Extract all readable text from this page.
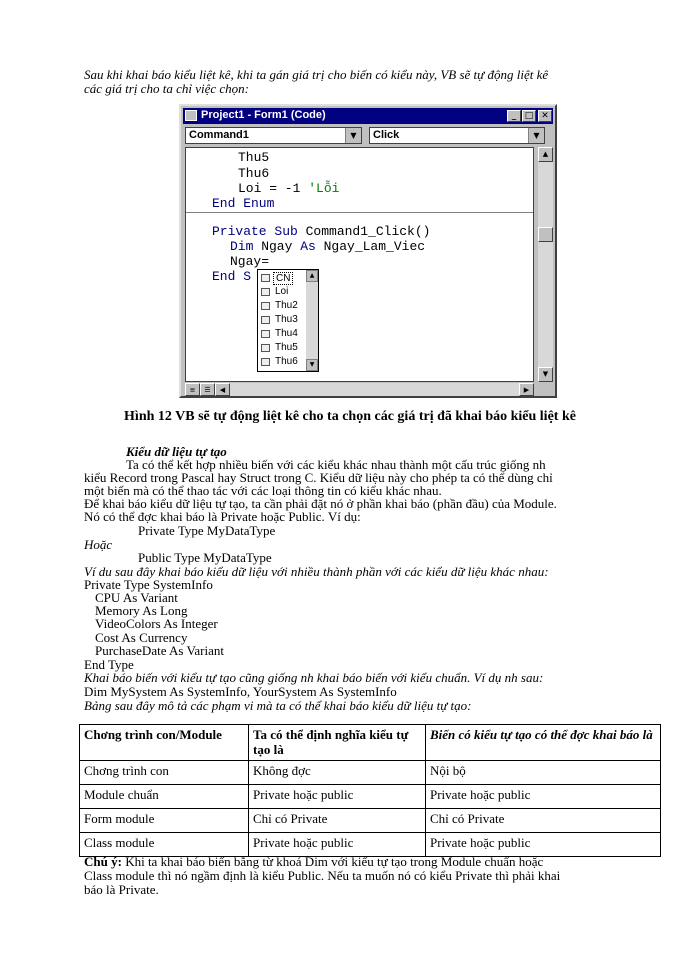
Sau khi khai báo kiểu liệt kê, khi ta gán giá trị cho biến có kiểu này, VB sẽ tự động liệt kê
các giá trị cho ta chỉ việc chọn:
Project1 - Form1 (Code)	_ □ ✕
Command1	▼	Click	▼
Thu5
Thu6
Loi = -1 'Lỗi
End Enum
Private Sub Command1_Click()
Dim Ngay As Ngay_Lam_Viec
Ngay=
End S	CN
Loi
Thu2
Thu3
Thu4
Thu5
Thu6
▲
▼
▲
▼
≡	☰	◀	▶
Hình 12 VB sẽ tự động liệt kê cho ta chọn các giá trị đã khai báo kiểu liệt kê
Kiểu dữ liệu tự tạo
Ta có thể kết hợp nhiều biến với các kiểu khác nhau thành một cấu trúc giống nh
kiểu Record trong Pascal hay Struct trong C. Kiểu dữ liệu này cho phép ta có thể dùng chỉ
một biến mà có thể thao tác với các loại thông tin có kiểu khác nhau.
Để khai báo kiểu dữ liệu tự tạo, ta cần phải đặt nó ở phần khai báo (phần đầu) của Module.
Nó có thể đợc khai báo là Private hoặc Public. Ví dụ:
Private Type MyDataType
Hoặc
Public Type MyDataType
Ví du sau đây khai báo kiểu dữ liệu với nhiều thành phần với các kiểu dữ liệu khác nhau:
Private Type SystemInfo
CPU As Variant
Memory As Long
VideoColors As Integer
Cost As Currency
PurchaseDate As Variant
End Type
Khai báo biến với kiểu tự tạo cũng giống nh khai báo biến với kiểu chuẩn. Ví dụ nh sau:
Dim MySystem As SystemInfo, YourSystem As SystemInfo
Bảng sau đây mô tả các phạm vi mà ta có thể khai báo kiểu dữ liệu tự tạo:
Chơng trình con/Module	Ta có thể định nghĩa kiểu tự tạo là	Biến có kiểu tự tạo có thể đợc khai báo là
Chơng trình con	Không đợc	Nội bộ
Module chuẩn	Private hoặc public	Private hoặc public
Form module	Chỉ có Private	Chỉ có Private
Class module	Private hoặc public	Private hoặc public
Chú ý: Khi ta khai báo biến bằng từ khoá Dim với kiểu tự tạo trong Module chuẩn hoặc
Class module thì nó ngầm định là kiểu Public. Nếu ta muốn nó có kiểu Private thì phải khai
báo là Private.
